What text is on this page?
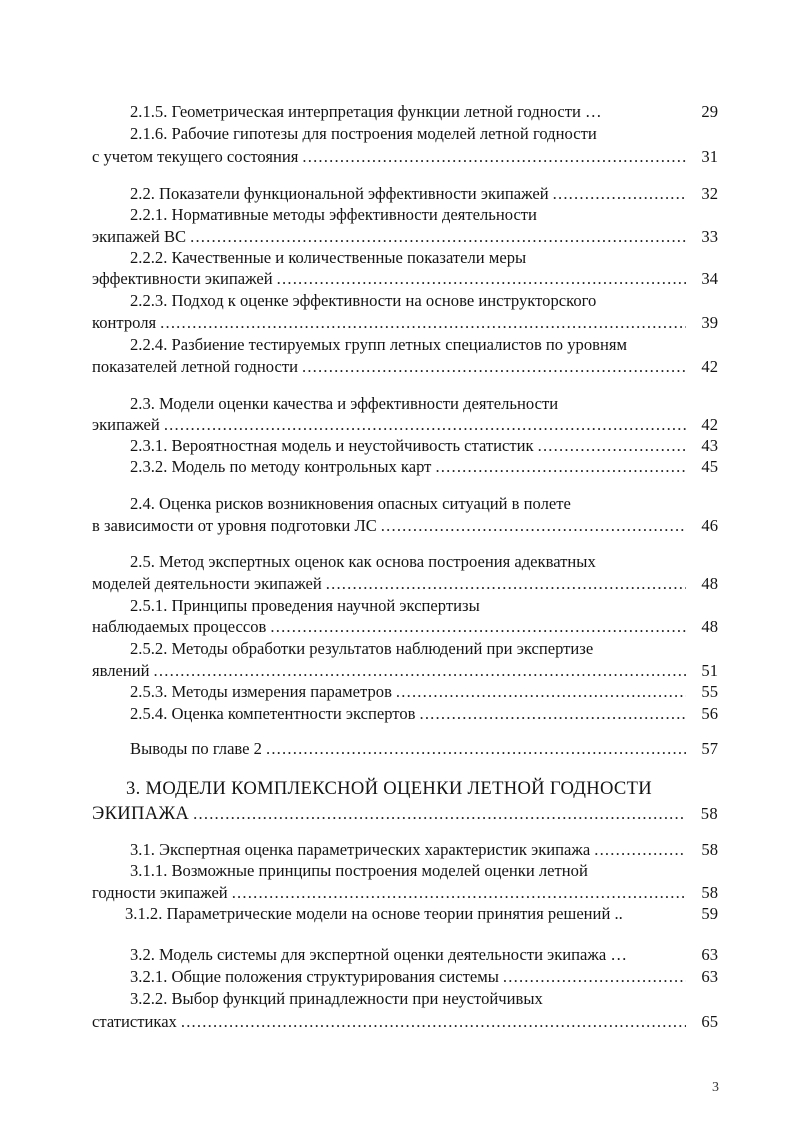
2.1.5. Геометрическая интерпретация функции летной годности …	29
2.1.6. Рабочие гипотезы для построения моделей летной годности
с учетом текущего состояния .....	31
2.2. Показатели функциональной эффективности экипажей .....	32
2.2.1. Нормативные методы эффективности деятельности
экипажей ВС .....	33
2.2.2. Качественные и количественные показатели меры
эффективности экипажей .....	34
2.2.3. Подход к оценке эффективности на основе инструкторского
контроля .....	39
2.2.4. Разбиение тестируемых групп летных специалистов по уровням
показателей летной годности .....	42
2.3. Модели оценки качества и эффективности деятельности
экипажей .....	42
2.3.1. Вероятностная модель и неустойчивость статистик .....	43
2.3.2. Модель по методу контрольных карт .....	45
2.4. Оценка рисков возникновения опасных ситуаций в полете
в зависимости от уровня подготовки ЛС .....	46
2.5. Метод экспертных оценок как основа построения адекватных
моделей деятельности экипажей .....	48
2.5.1. Принципы проведения научной экспертизы
наблюдаемых процессов .....	48
2.5.2. Методы обработки результатов наблюдений при экспертизе
явлений .....	51
2.5.3. Методы измерения параметров .....	55
2.5.4. Оценка компетентности экспертов .....	56
Выводы по главе 2 .....	57
3. МОДЕЛИ КОМПЛЕКСНОЙ ОЦЕНКИ ЛЕТНОЙ ГОДНОСТИ
ЭКИПАЖА .....	58
3.1. Экспертная оценка параметрических характеристик экипажа .....	58
3.1.1. Возможные принципы построения моделей оценки летной
годности экипажей .....	58
3.1.2. Параметрические модели на основе теории принятия решений ..	59
3.2. Модель системы для экспертной оценки деятельности экипажа …	63
3.2.1. Общие положения структурирования системы .....	63
3.2.2. Выбор функций принадлежности при неустойчивых
статистиках .....	65
3
